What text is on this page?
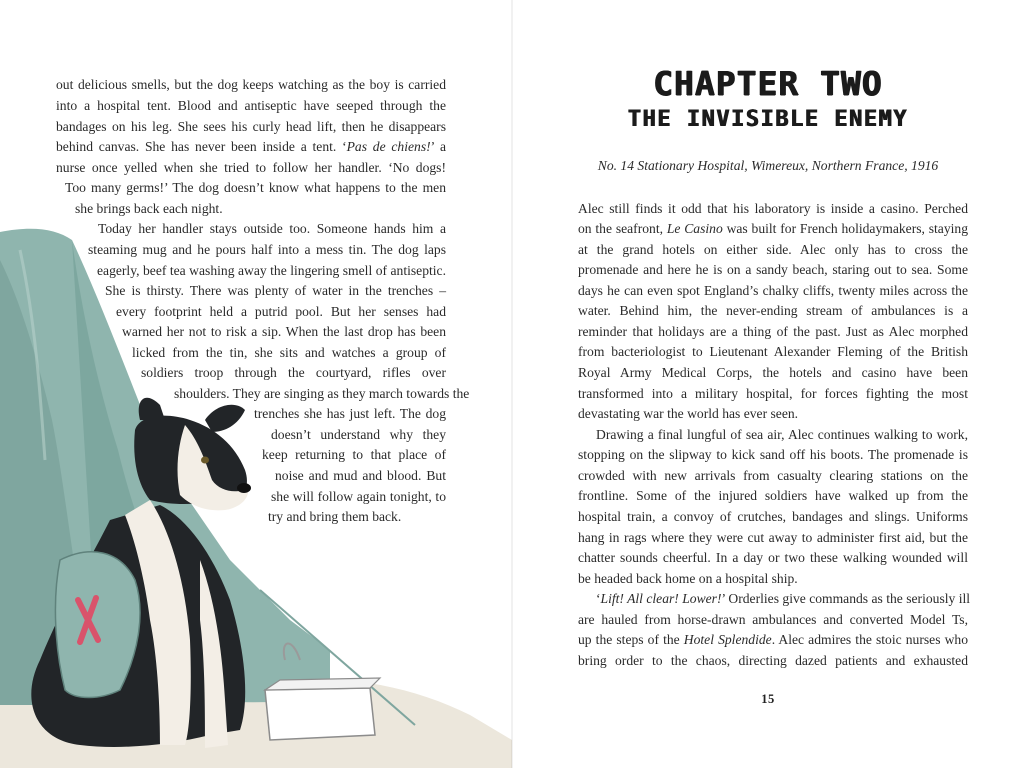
out delicious smells, but the dog keeps watching as the boy is carried
into a hospital tent. Blood and antiseptic have seeped through the
bandages on his leg. She sees his curly head lift, then he disappears
behind canvas. She has never been inside a tent. ‘Pas de chiens!’ a
nurse once yelled when she tried to follow her handler. ‘No dogs!
Too many germs!’ The dog doesn’t know what happens to the men
she brings back each night.
Today her handler stays outside too. Someone hands him a
steaming mug and he pours half into a mess tin. The dog laps
eagerly, beef tea washing away the lingering smell of antiseptic.
She is thirsty. There was plenty of water in the trenches –
every footprint held a putrid pool. But her senses had
warned her not to risk a sip. When the last drop has been
licked from the tin, she sits and watches a group of
soldiers troop through the courtyard, rifles over
shoulders. They are singing as they march towards the
trenches she has just left. The dog
doesn’t understand why they
keep returning to that place of
noise and mud and blood. But
she will follow again tonight, to
try and bring them back.
CHAPTER TWO
THE INVISIBLE ENEMY
No. 14 Stationary Hospital, Wimereux, Northern France, 1916
Alec still finds it odd that his laboratory is inside a casino. Perched
on the seafront, Le Casino was built for French holidaymakers, staying
at the grand hotels on either side. Alec only has to cross the
promenade and here he is on a sandy beach, staring out to sea. Some
days he can even spot England’s chalky cliffs, twenty miles across the
water. Behind him, the never-ending stream of ambulances is a
reminder that holidays are a thing of the past. Just as Alec morphed
from bacteriologist to Lieutenant Alexander Fleming of the British
Royal Army Medical Corps, the hotels and casino have been
transformed into a military hospital, for forces fighting the most
devastating war the world has ever seen.
Drawing a final lungful of sea air, Alec continues walking to work,
stopping on the slipway to kick sand off his boots. The promenade is
crowded with new arrivals from casualty clearing stations on the
frontline. Some of the injured soldiers have walked up from the
hospital train, a convoy of crutches, bandages and slings. Uniforms
hang in rags where they were cut away to administer first aid, but the
chatter sounds cheerful. In a day or two these walking wounded will
be headed back home on a hospital ship.
‘Lift! All clear! Lower!’ Orderlies give commands as the seriously ill
are hauled from horse-drawn ambulances and converted Model Ts,
up the steps of the Hotel Splendide. Alec admires the stoic nurses who
bring order to the chaos, directing dazed patients and exhausted
15
